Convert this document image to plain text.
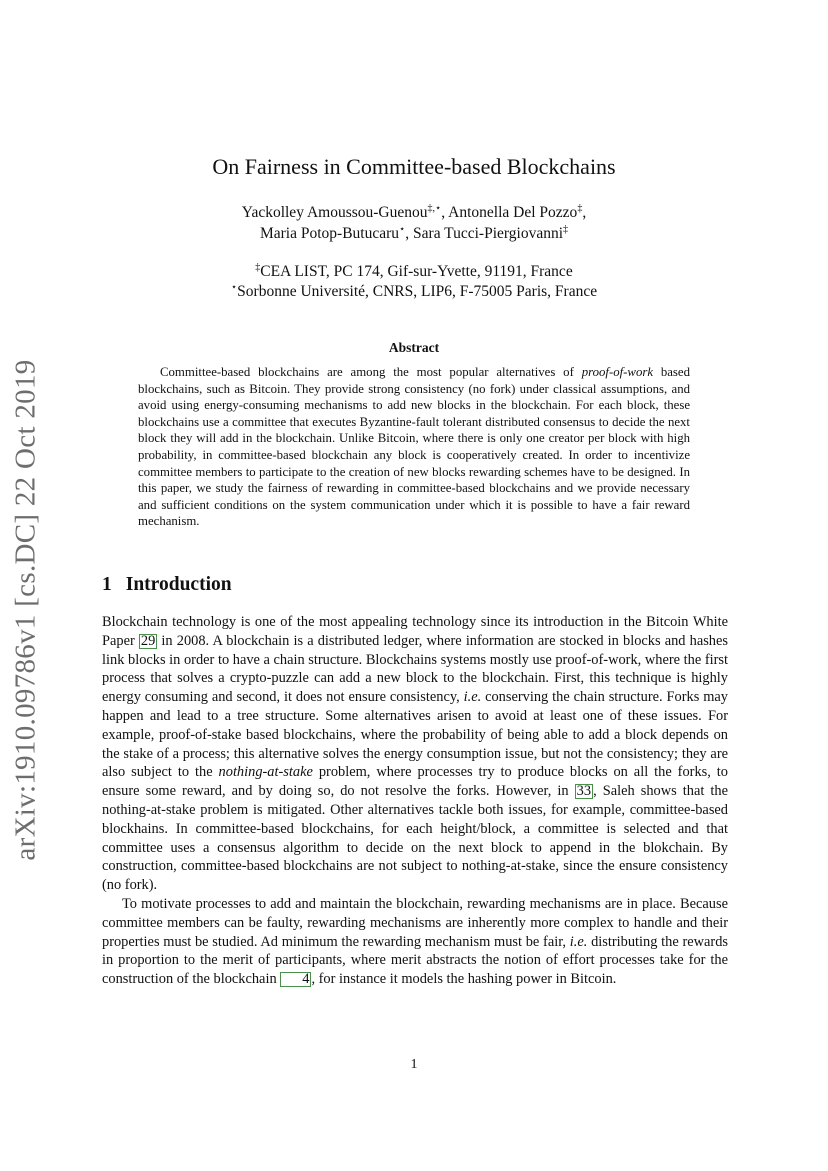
arXiv:1910.09786v1 [cs.DC] 22 Oct 2019
On Fairness in Committee-based Blockchains
Yackolley Amoussou-Guenou‡,⋆, Antonella Del Pozzo‡,
Maria Potop-Butucaru⋆, Sara Tucci-Piergiovanni‡
‡CEA LIST, PC 174, Gif-sur-Yvette, 91191, France
⋆Sorbonne Université, CNRS, LIP6, F-75005 Paris, France
Abstract

Committee-based blockchains are among the most popular alternatives of proof-of-work based blockchains, such as Bitcoin. They provide strong consistency (no fork) under classical assumptions, and avoid using energy-consuming mechanisms to add new blocks in the blockchain. For each block, these blockchains use a committee that executes Byzantine-fault tolerant distributed consensus to decide the next block they will add in the blockchain. Unlike Bitcoin, where there is only one creator per block with high probability, in committee-based blockchain any block is cooperatively created. In order to incentivize committee members to participate to the creation of new blocks rewarding schemes have to be designed. In this paper, we study the fairness of rewarding in committee-based blockchains and we provide necessary and sufficient conditions on the system communication under which it is possible to have a fair reward mechanism.

1 Introduction

Blockchain technology is one of the most appealing technology since its introduction in the Bitcoin White Paper 29 in 2008. A blockchain is a distributed ledger, where information are stocked in blocks and hashes link blocks in order to have a chain structure. Blockchains systems mostly use proof-of-work, where the first process that solves a crypto-puzzle can add a new block to the blockchain. First, this technique is highly energy consuming and second, it does not ensure consistency, i.e. conserving the chain structure. Forks may happen and lead to a tree structure. Some alternatives arisen to avoid at least one of these issues. For example, proof-of-stake based blockchains, where the probability of being able to add a block depends on the stake of a process; this alternative solves the energy consumption issue, but not the consistency; they are also subject to the nothing-at-stake problem, where processes try to produce blocks on all the forks, to ensure some reward, and by doing so, do not resolve the forks. However, in 33 , Saleh shows that the nothing-at-stake problem is mitigated. Other alternatives tackle both issues, for example, committee-based blockhains. In committee-based blockchains, for each height/block, a committee is selected and that committee uses a consensus algorithm to decide on the next block to append in the blokchain. By construction, committee-based blockchains are not subject to nothing-at-stake, since the ensure consistency (no fork).

To motivate processes to add and maintain the blockchain, rewarding mechanisms are in place. Because committee members can be faulty, rewarding mechanisms are inherently more complex to handle and their properties must be studied. Ad minimum the rewarding mechanism must be fair, i.e. distributing the rewards in proportion to the merit of participants, where merit abstracts the notion of effort processes take for the construction of the blockchain 4 , for instance it models the hashing power in Bitcoin.

1
